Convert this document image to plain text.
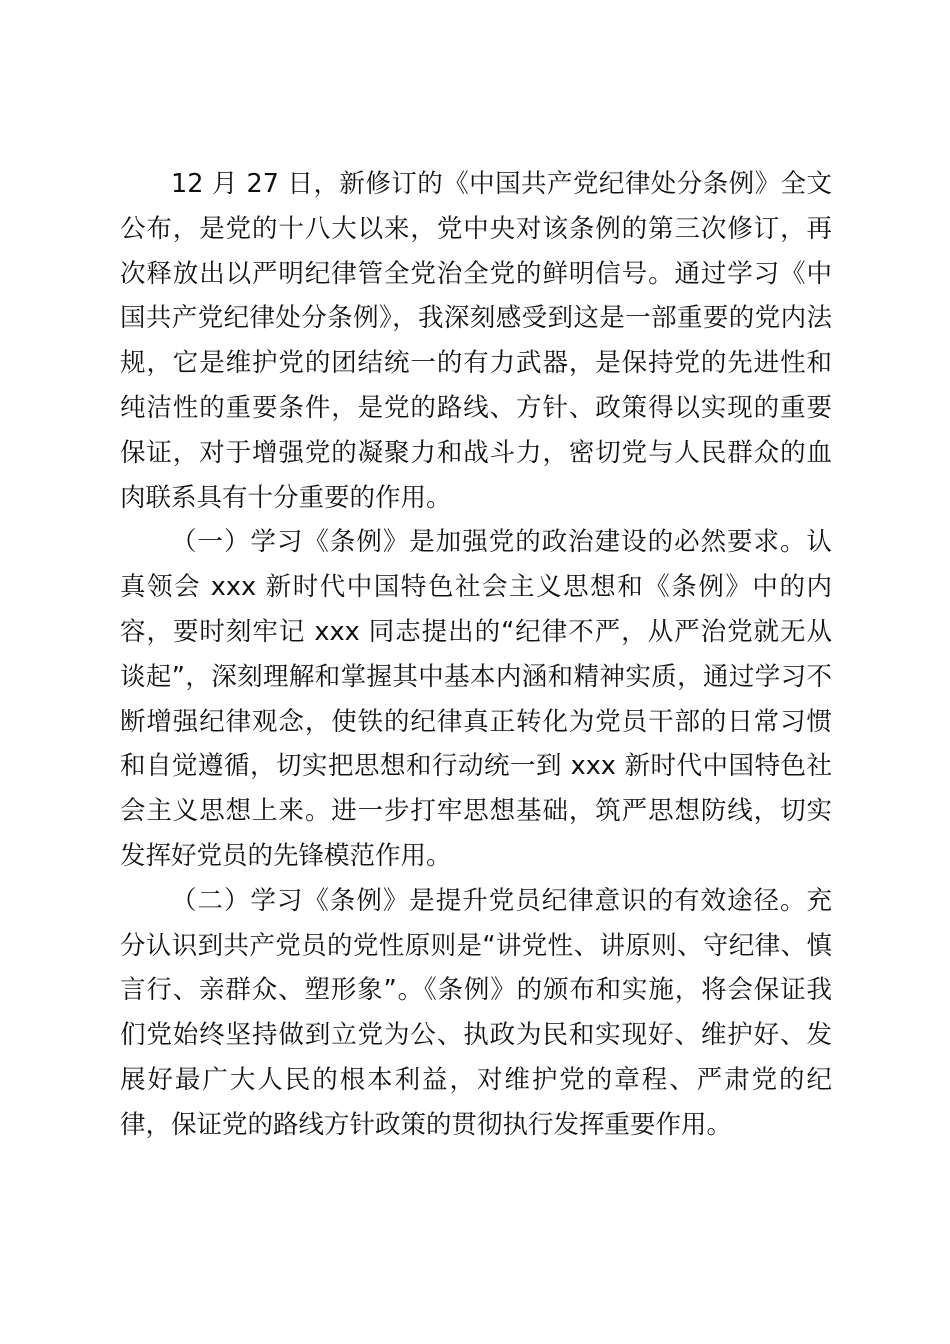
12 月 27 日，新修订的《中国共产党纪律处分条例》全文公布，是党的十八大以来，党中央对该条例的第三次修订，再次释放出以严明纪律管全党治全党的鲜明信号。通过学习《中国共产党纪律处分条例》，我深刻感受到这是一部重要的党内法规，它是维护党的团结统一的有力武器，是保持党的先进性和纯洁性的重要条件，是党的路线、方针、政策得以实现的重要保证，对于增强党的凝聚力和战斗力，密切党与人民群众的血肉联系具有十分重要的作用。

（一）学习《条例》是加强党的政治建设的必然要求。认真领会 xxx 新时代中国特色社会主义思想和《条例》中的内容，要时刻牢记 xxx 同志提出的“纪律不严，从严治党就无从谈起”，深刻理解和掌握其中基本内涵和精神实质，通过学习不断增强纪律观念，使铁的纪律真正转化为党员干部的日常习惯和自觉遵循，切实把思想和行动统一到 xxx 新时代中国特色社会主义思想上来。进一步打牢思想基础，筑严思想防线，切实发挥好党员的先锋模范作用。

（二）学习《条例》是提升党员纪律意识的有效途径。充分认识到共产党员的党性原则是“讲党性、讲原则、守纪律、慎言行、亲群众、塑形象”。《条例》的颁布和实施，将会保证我们党始终坚持做到立党为公、执政为民和实现好、维护好、发展好最广大人民的根本利益，对维护党的章程、严肃党的纪律，保证党的路线方针政策的贯彻执行发挥重要作用。
